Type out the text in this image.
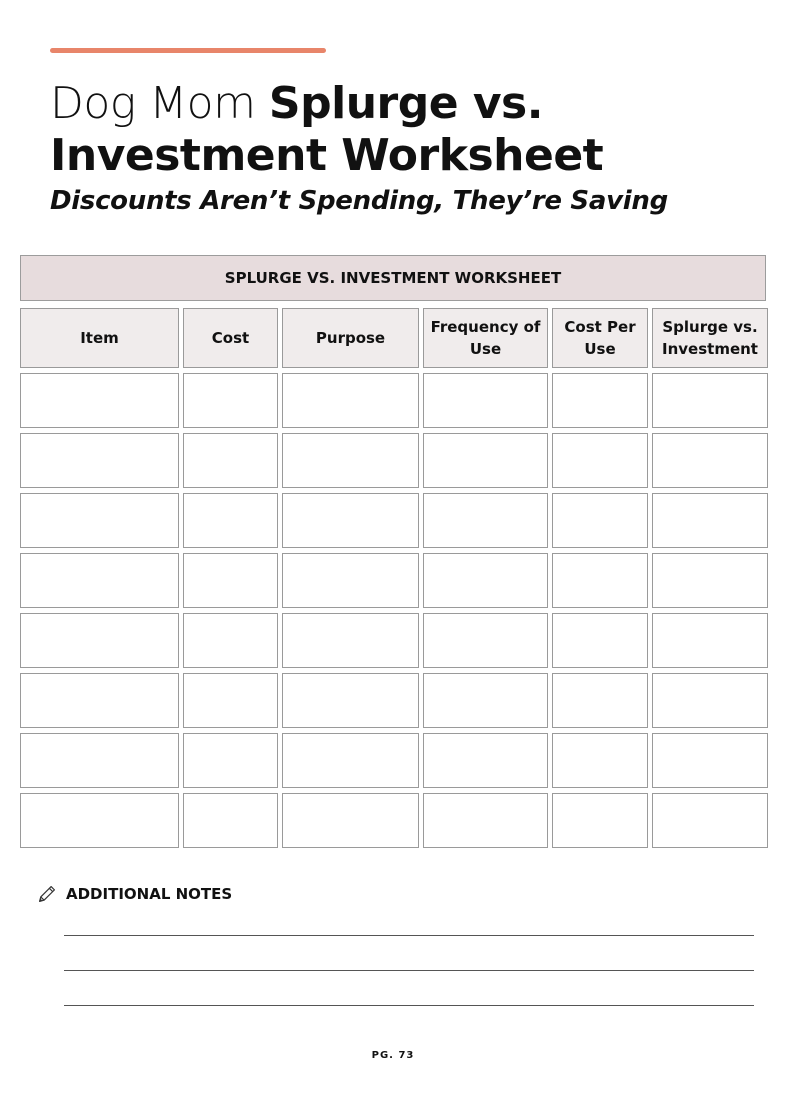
Dog Mom Splurge vs.
Investment Worksheet

Discounts Aren’t Spending, They’re Saving

SPLURGE VS. INVESTMENT WORKSHEET
Item	Cost	Purpose
Frequency of Use
Cost Per Use
Splurge vs. Investment
ADDITIONAL NOTES
PG. 73
